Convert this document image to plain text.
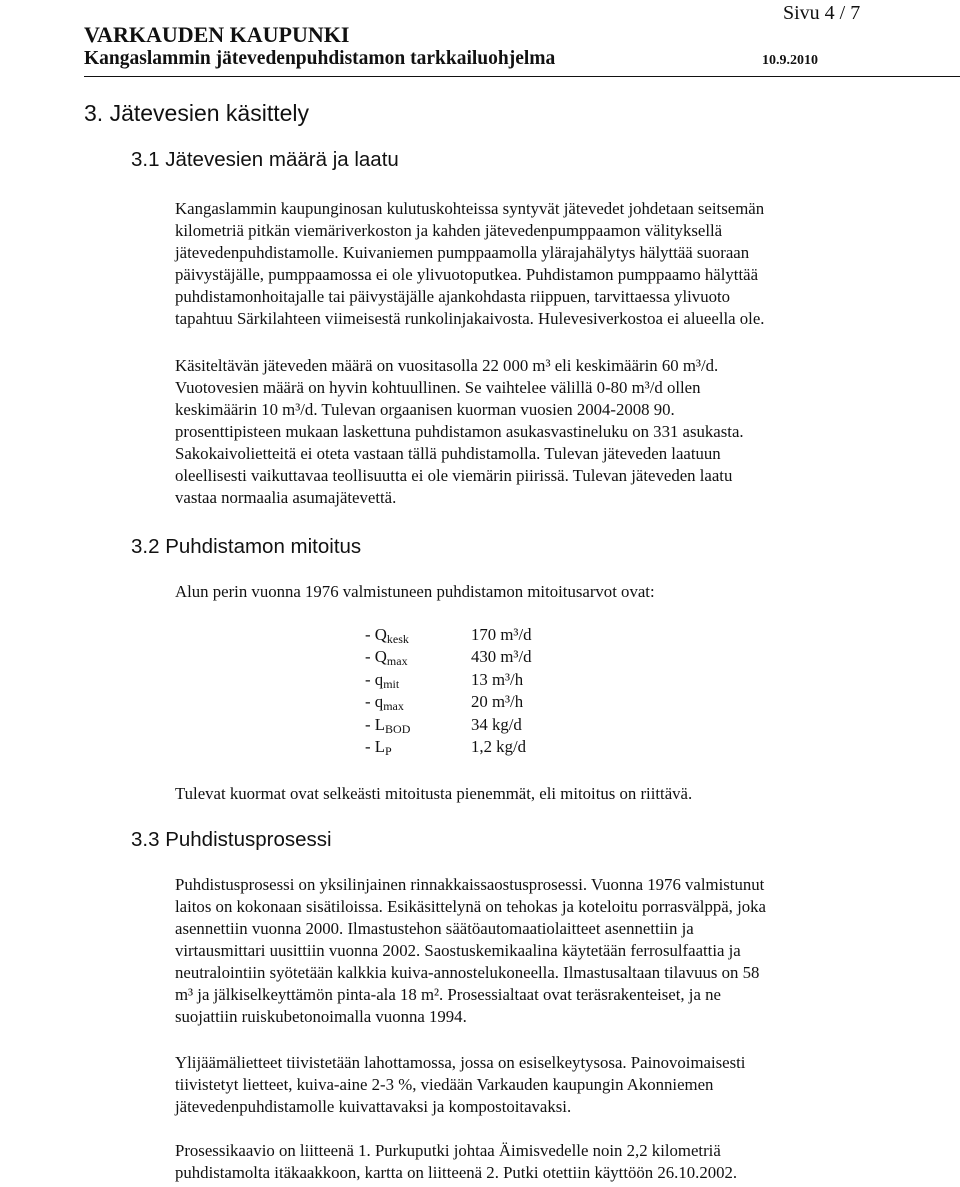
Sivu 4 / 7
VARKAUDEN KAUPUNKI
Kangaslammin jätevedenpuhdistamon tarkkailuohjelma	10.9.2010
3. Jätevesien käsittely
3.1 Jätevesien määrä ja laatu
Kangaslammin kaupunginosan kulutuskohteissa syntyvät jätevedet johdetaan seitsemän
kilometriä pitkän viemäriverkoston ja kahden jätevedenpumppaamon välityksellä
jätevedenpuhdistamolle. Kuivaniemen pumppaamolla ylärajahälytys hälyttää suoraan
päivystäjälle, pumppaamossa ei ole ylivuotoputkea. Puhdistamon pumppaamo hälyttää
puhdistamonhoitajalle tai päivystäjälle ajankohdasta riippuen, tarvittaessa ylivuoto
tapahtuu Särkilahteen viimeisestä runkolinjakaivosta. Hulevesiverkostoa ei alueella ole.
Käsiteltävän jäteveden määrä on vuositasolla 22 000 m³ eli keskimäärin 60 m³/d.
Vuotovesien määrä on hyvin kohtuullinen. Se vaihtelee välillä 0-80 m³/d ollen
keskimäärin 10 m³/d. Tulevan orgaanisen kuorman vuosien 2004-2008 90.
prosenttipisteen mukaan laskettuna puhdistamon asukasvastineluku on 331 asukasta.
Sakokaivolietteitä ei oteta vastaan tällä puhdistamolla. Tulevan jäteveden laatuun
oleellisesti vaikuttavaa teollisuutta ei ole viemärin piirissä. Tulevan jäteveden laatu
vastaa normaalia asumajätevettä.
3.2 Puhdistamon mitoitus
Alun perin vuonna 1976 valmistuneen puhdistamon mitoitusarvot ovat:
- $Q_{kesk}$	170 m³/d
- $Q_{max}$	430 m³/d
- $q_{mit}$	13 m³/h
- $q_{max}$	20 m³/h
- $L_{BOD}$	34 kg/d
- $L_P$	1,2 kg/d
Tulevat kuormat ovat selkeästi mitoitusta pienemmät, eli mitoitus on riittävä.
3.3 Puhdistusprosessi
Puhdistusprosessi on yksilinjainen rinnakkaissaostusprosessi. Vuonna 1976 valmistunut
laitos on kokonaan sisätiloissa. Esikäsittelynä on tehokas ja koteloitu porrasvälppä, joka
asennettiin vuonna 2000. Ilmastustehon säätöautomaatiolaitteet asennettiin ja
virtausmittari uusittiin vuonna 2002. Saostuskemikaalina käytetään ferrosulfaattia ja
neutralointiin syötetään kalkkia kuiva-annostelukoneella. Ilmastusaltaan tilavuus on 58
m³ ja jälkiselkeyttämön pinta-ala 18 m². Prosessialtaat ovat teräsrakenteiset, ja ne
suojattiin ruiskubetonoimalla vuonna 1994.
Ylijäämälietteet tiivistetään lahottamossa, jossa on esiselkeytysosa. Painovoimaisesti
tiivistetyt lietteet, kuiva-aine 2-3 %, viedään Varkauden kaupungin Akonniemen
jätevedenpuhdistamolle kuivattavaksi ja kompostoitavaksi.
Prosessikaavio on liitteenä 1. Purkuputki johtaa Äimisvedelle noin 2,2 kilometriä
puhdistamolta itäkaakkoon, kartta on liitteenä 2. Putki otettiin käyttöön 26.10.2002.
